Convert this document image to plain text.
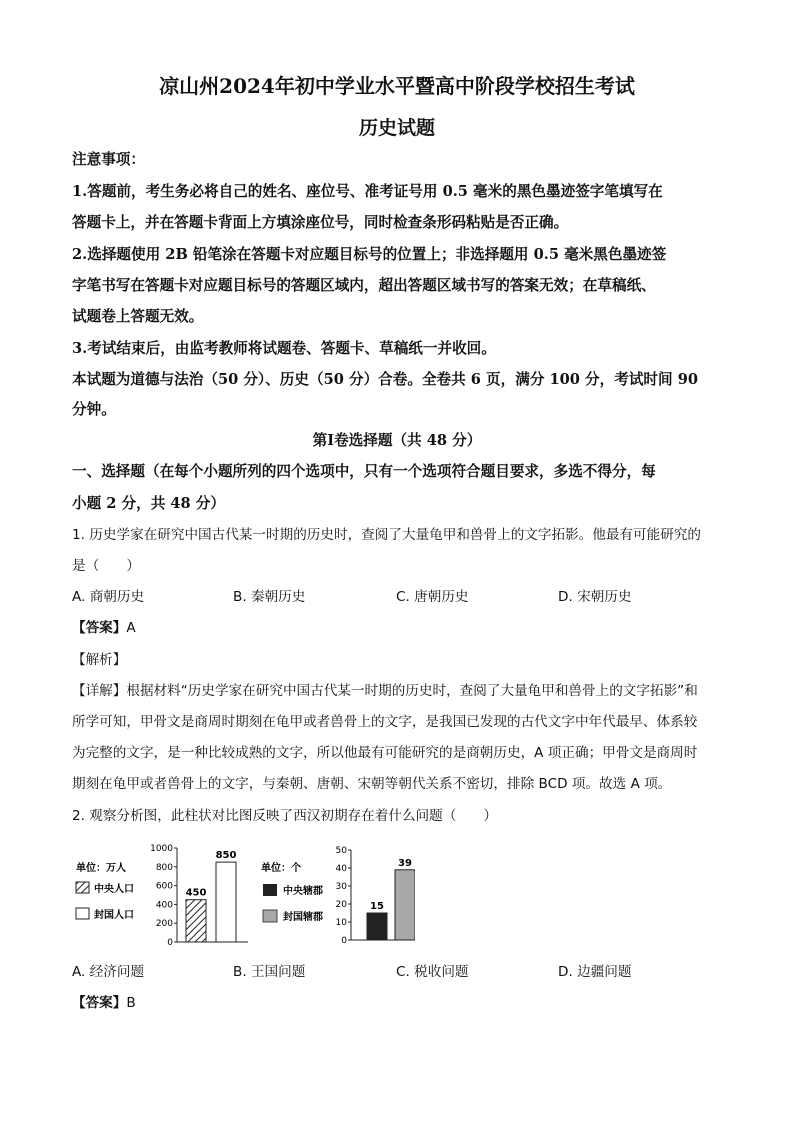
凉山州2024年初中学业水平暨高中阶段学校招生考试
历史试题
注意事项：
1.答题前，考生务必将自己的姓名、座位号、准考证号用 0.5 毫米的黑色墨迹签字笔填写在
答题卡上，并在答题卡背面上方填涂座位号，同时检查条形码粘贴是否正确。
2.选择题使用 2B 铅笔涂在答题卡对应题目标号的位置上；非选择题用 0.5 毫米黑色墨迹签
字笔书写在答题卡对应题目标号的答题区域内，超出答题区域书写的答案无效；在草稿纸、
试题卷上答题无效。
3.考试结束后，由监考教师将试题卷、答题卡、草稿纸一并收回。
本试题为道德与法治（50 分）、历史（50 分）合卷。全卷共 6 页，满分 100 分，考试时间 90
分钟。
第Ⅰ卷选择题（共 48 分）
一、选择题（在每个小题所列的四个选项中，只有一个选项符合题目要求，多选不得分，每
小题 2 分，共 48 分）
1. 历史学家在研究中国古代某一时期的历史时，查阅了大量龟甲和兽骨上的文字拓影。他最有可能研究的
是（　　）
A. 商朝历史	B. 秦朝历史	C. 唐朝历史	D. 宋朝历史
【答案】A
【解析】
【详解】根据材料“历史学家在研究中国古代某一时期的历史时，查阅了大量龟甲和兽骨上的文字拓影”和
所学可知，甲骨文是商周时期刻在龟甲或者兽骨上的文字，是我国已发现的古代文字中年代最早、体系较
为完整的文字，是一种比较成熟的文字，所以他最有可能研究的是商朝历史，A 项正确；甲骨文是商周时
期刻在龟甲或者兽骨上的文字，与秦朝、唐朝、宋朝等朝代关系不密切，排除 BCD 项。故选 A 项。
2. 观察分析图，此柱状对比图反映了西汉初期存在着什么问题（　　）
单位：万人
中央人口
封国人口
0
200
400
600
800
1000
450
850
单位：个
中央辖郡
封国辖郡
0
10
20
30
40
50
15
39
A. 经济问题	B. 王国问题	C. 税收问题	D. 边疆问题
【答案】B
